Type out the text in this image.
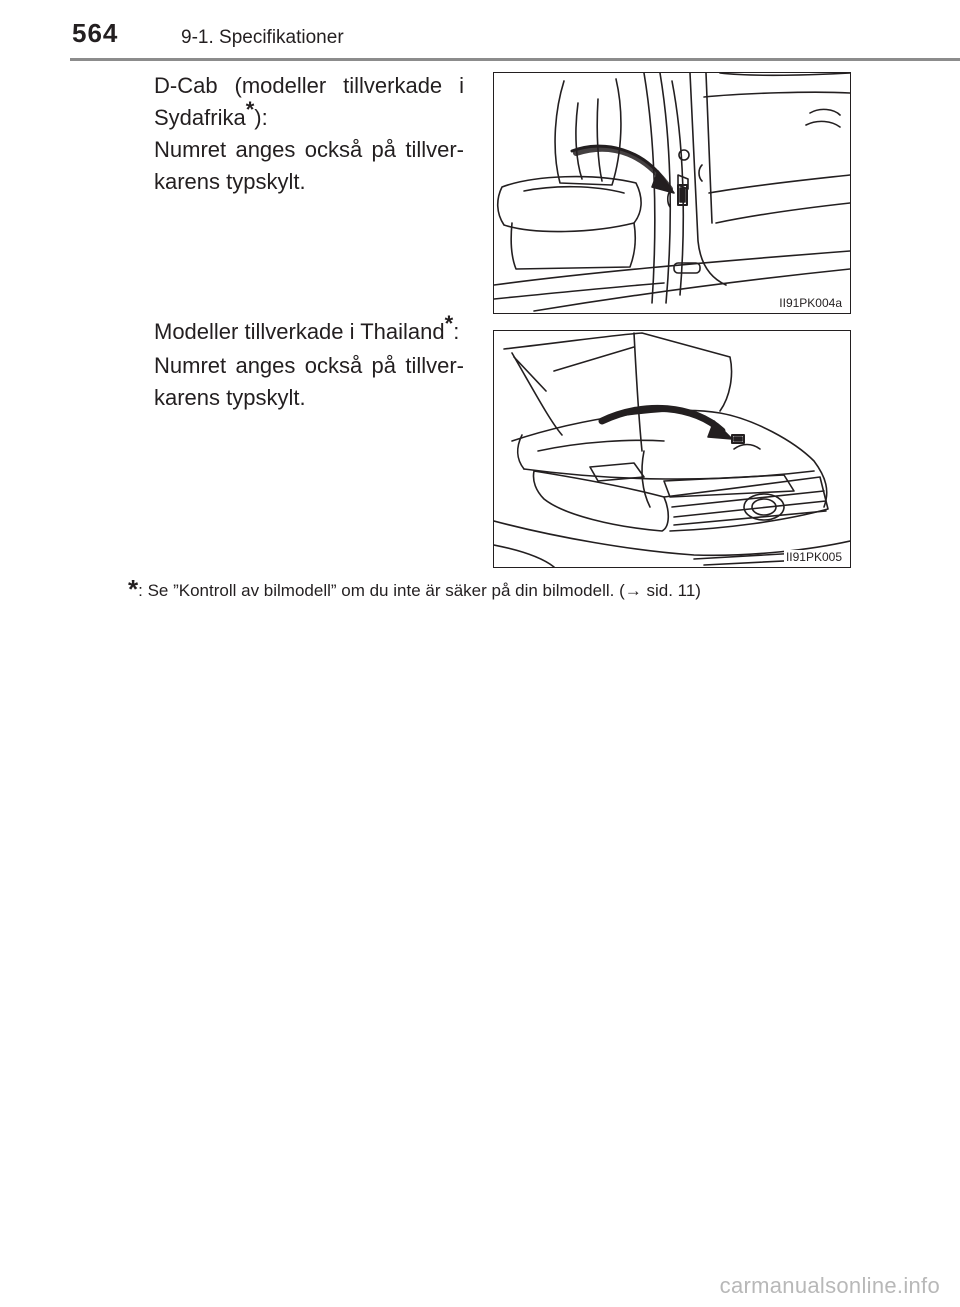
564	9-1. Specifikationer
D-Cab (modeller tillverkade i Sydafrika*):
Numret anges också på tillver-karens typskylt.
II91PK004a
Modeller tillverkade i Thailand*:
Numret anges också på tillver-karens typskylt.
II91PK005
*: Se ”Kontroll av bilmodell” om du inte är säker på din bilmodell. (→ sid. 11)
carmanualsonline.info
